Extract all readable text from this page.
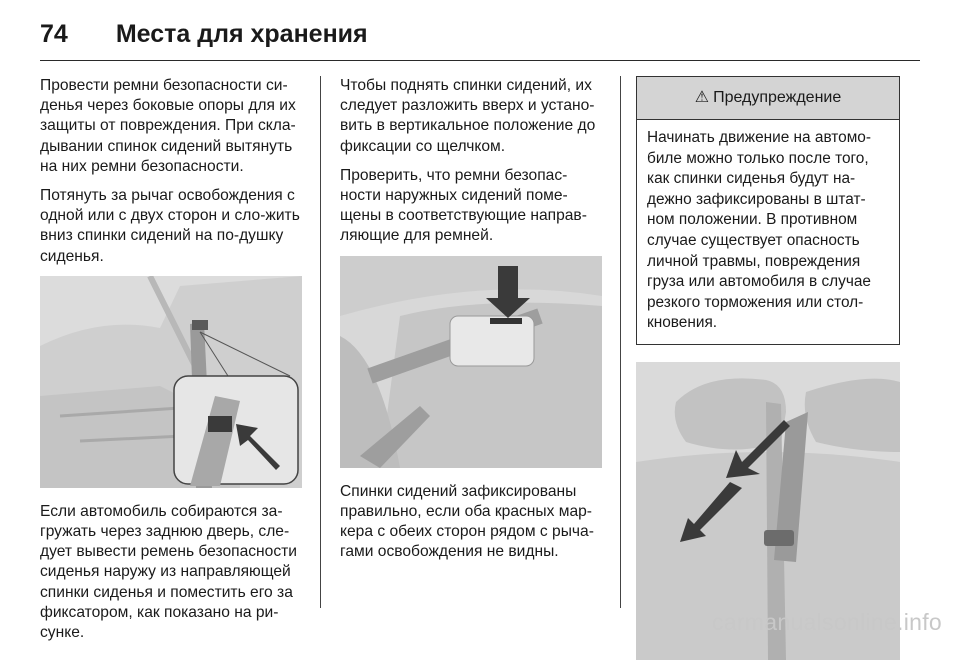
74 Места для хранения

Провести ремни безопасности си-денья через боковые опоры для их защиты от повреждения. При скла-дывании спинок сидений вытянуть на них ремни безопасности.

Потянуть за рычаг освобождения с одной или с двух сторон и сло-жить вниз спинки сидений на по-душку сиденья.

Если автомобиль собираются за-гружать через заднюю дверь, сле-дует вывести ремень безопасности сиденья наружу из направляющей спинки сиденья и поместить его за фиксатором, как показано на ри-сунке.

Чтобы поднять спинки сидений, их следует разложить вверх и устано-вить в вертикальное положение до фиксации со щелчком.

Проверить, что ремни безопас-ности наружных сидений поме-щены в соответствующие направ-ляющие для ремней.

Спинки сидений зафиксированы правильно, если оба красных мар-кера с обеих сторон рядом с рыча-гами освобождения не видны.

⚠ Предупреждение
Начинать движение на автомо-биле можно только после того, как спинки сиденья будут на-дежно зафиксированы в штат-ном положении. В противном случае существует опасность личной травмы, повреждения груза или автомобиля в случае резкого торможения или стол-кновения.
carmanualsonline.info
